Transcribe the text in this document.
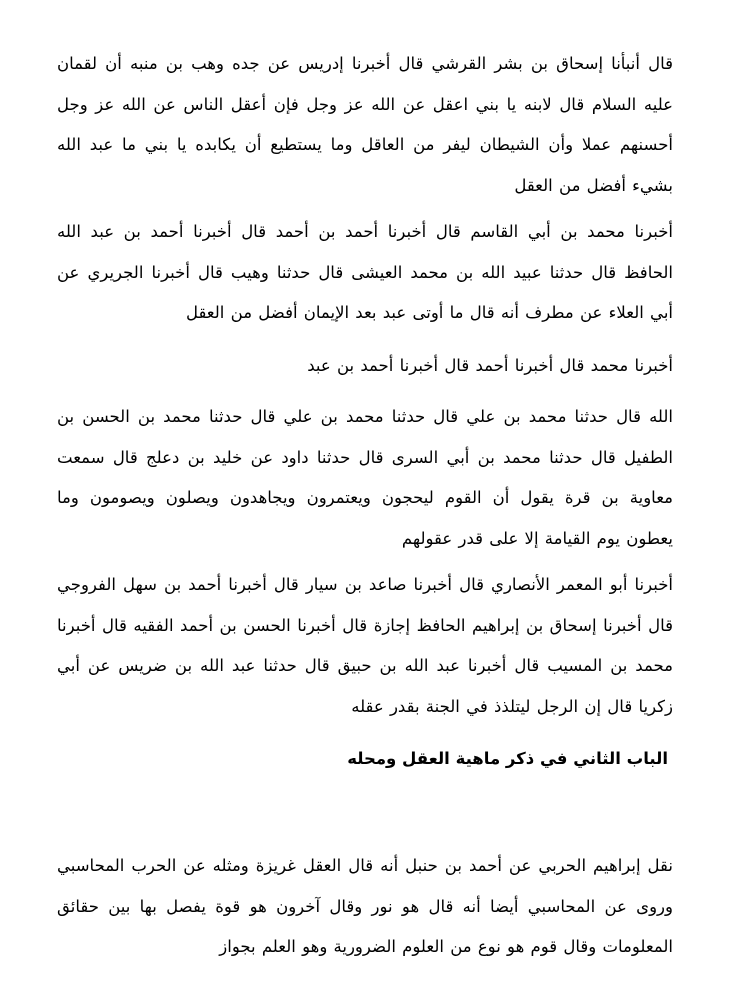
قال أنبأنا إسحاق بن بشر القرشي قال أخبرنا إدريس عن جده وهب بن منبه أن لقمان عليه السلام قال لابنه يا بني اعقل عن الله عز وجل فإن أعقل الناس عن الله عز وجل أحسنهم عملا وأن الشيطان ليفر من العاقل وما يستطيع أن يكابده يا بني ما عبد الله بشيء أفضل من العقل

أخبرنا محمد بن أبي القاسم قال أخبرنا أحمد بن أحمد قال أخبرنا أحمد بن عبد الله الحافظ قال حدثنا عبيد الله بن محمد العيشى قال حدثنا وهيب قال أخبرنا الجريري عن أبي العلاء عن مطرف أنه قال ما أوتى عبد بعد الإيمان أفضل من العقل

أخبرنا محمد قال أخبرنا أحمد قال أخبرنا أحمد بن عبد

الله قال حدثنا محمد بن علي قال حدثنا محمد بن علي قال حدثنا محمد بن الحسن بن الطفيل قال حدثنا محمد بن أبي السرى قال حدثنا داود عن خليد بن دعلج قال سمعت معاوية بن قرة يقول أن القوم ليحجون ويعتمرون ويجاهدون ويصلون ويصومون وما يعطون يوم القيامة إلا على قدر عقولهم

أخبرنا أبو المعمر الأنصاري قال أخبرنا صاعد بن سيار قال أخبرنا أحمد بن سهل الفروجي قال أخبرنا إسحاق بن إبراهيم الحافظ إجازة قال أخبرنا الحسن بن أحمد الفقيه قال أخبرنا محمد بن المسيب قال أخبرنا عبد الله بن حبيق قال حدثنا عبد الله بن ضريس عن أبي زكريا قال إن الرجل ليتلذذ في الجنة بقدر عقله

الباب الثاني في ذكر ماهية العقل ومحله

نقل إبراهيم الحربي عن أحمد بن حنبل أنه قال العقل غريزة ومثله عن الحرب المحاسبي وروى عن المحاسبي أيضا أنه قال هو نور وقال آخرون هو قوة يفصل بها بين حقائق المعلومات وقال قوم هو نوع من العلوم الضرورية وهو العلم بجواز
